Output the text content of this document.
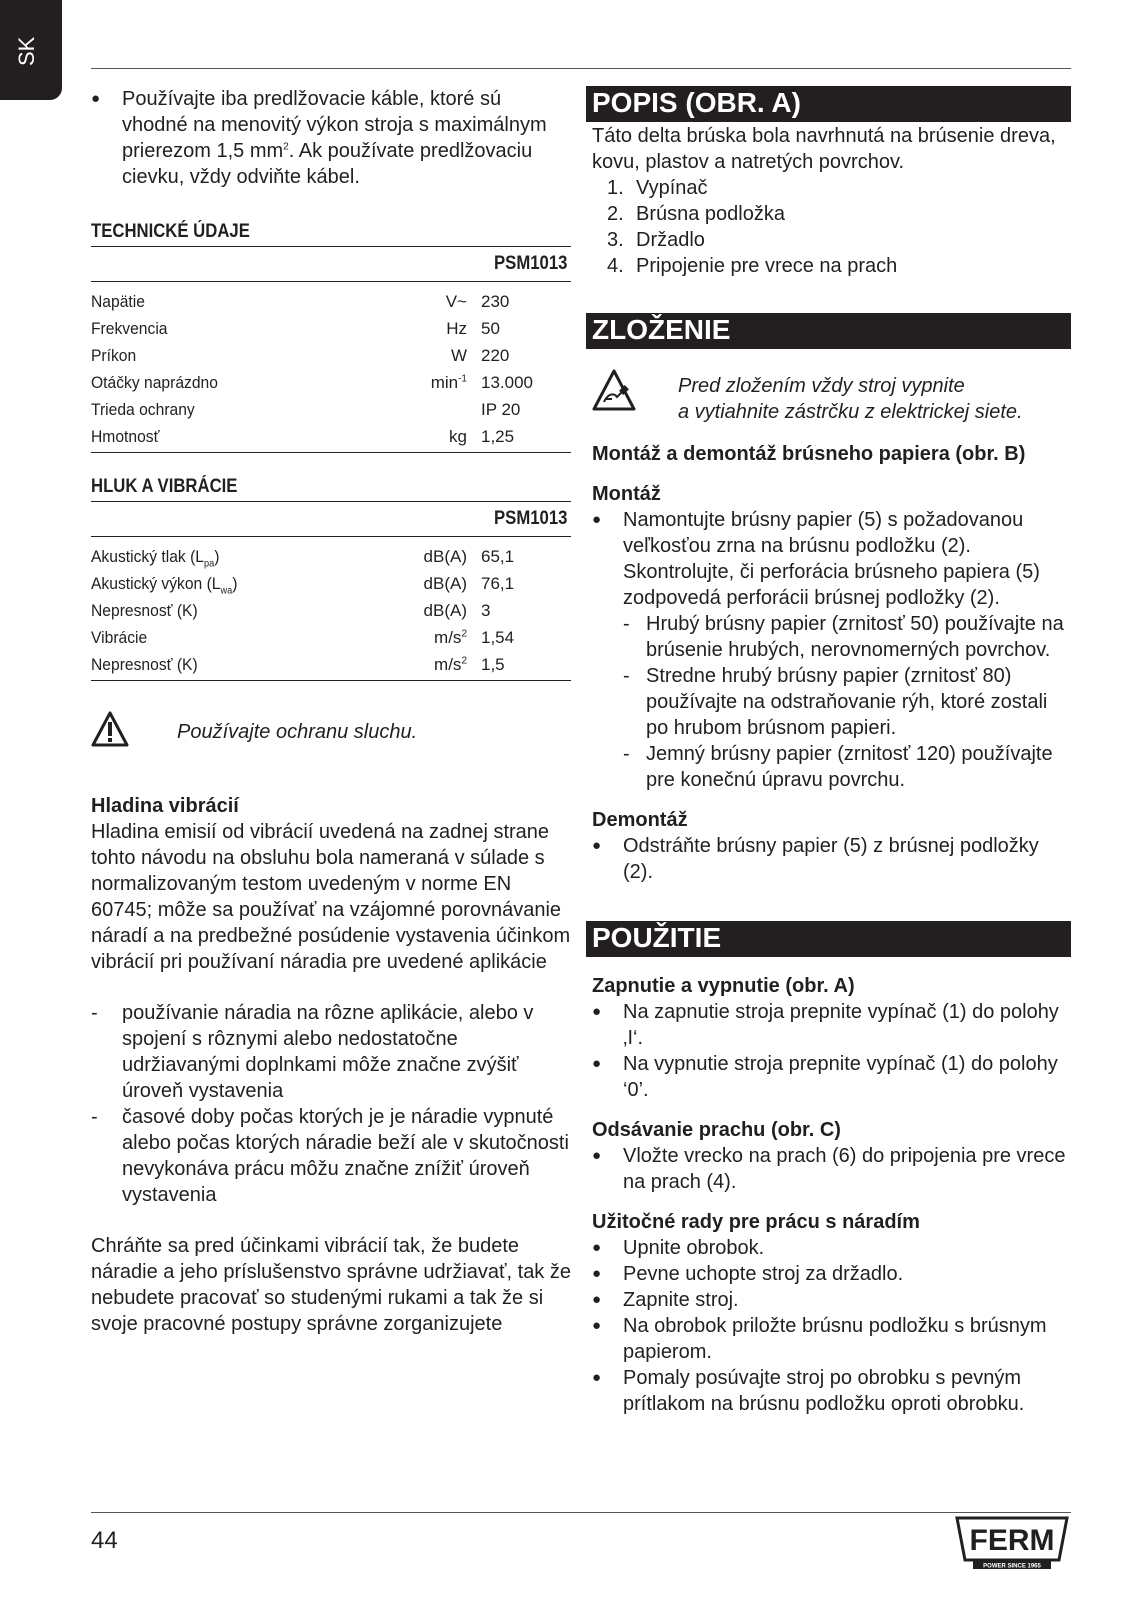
SK
● Používajte iba predlžovacie káble, ktoré sú vhodné na menovitý výkon stroja s maximálnym prierezom 1,5 $mm^2$. Ak používate predlžovaciu cievku, vždy odviňte kábel.
TECHNICKÉ ÚDAJE
PSM1013
Napätie	V~	230
Frekvencia	Hz	50
Príkon	W	220
Otáčky naprázdno	$\min^{-1}$	13.000
Trieda ochrany		IP 20
Hmotnosť	kg	1,25
HLUK A VIBRÁCIE
PSM1013
Akustický tlak $(L_{pa})$	dB(A)	65,1
Akustický výkon $(L_{wa})$	dB(A)	76,1
Nepresnosť (K)	dB(A)	3
Vibrácie	$m/s^2$	1,54
Nepresnosť (K)	$m/s^2$	1,5
Používajte ochranu sluchu.
Hladina vibrácií
Hladina emisií od vibrácií uvedená na zadnej strane tohto návodu na obsluhu bola nameraná v súlade s normalizovaným testom uvedeným v norme EN 60745; môže sa používať na vzájomné porovnávanie náradí a na predbežné posúdenie vystavenia účinkom vibrácií pri používaní náradia pre uvedené aplikácie
- používanie náradia na rôzne aplikácie, alebo v spojení s rôznymi alebo nedostatočne udržiavanými doplnkami môže značne zvýšiť úroveň vystavenia
- časové doby počas ktorých je je náradie vypnuté alebo počas ktorých náradie beží ale v skutočnosti nevykonáva prácu môžu značne znížiť úroveň vystavenia
Chráňte sa pred účinkami vibrácií tak, že budete náradie a jeho príslušenstvo správne udržiavať, tak že nebudete pracovať so studenými rukami a tak že si svoje pracovné postupy správne zorganizujete
POPIS (OBR. A)
Táto delta brúska bola navrhnutá na brúsenie dreva, kovu, plastov a natretých povrchov.
1. Vypínač
2. Brúsna podložka
3. Držadlo
4. Pripojenie pre vrece na prach
ZLOŽENIE
Pred zložením vždy stroj vypnite
a vytiahnite zástrčku z elektrickej siete.
Montáž a demontáž brúsneho papiera (obr. B)
Montáž
● Namontujte brúsny papier (5) s požadovanou veľkosťou zrna na brúsnu podložku (2). Skontrolujte, či perforácia brúsneho papiera (5) zodpovedá perforácii brúsnej podložky (2).
- Hrubý brúsny papier (zrnitosť 50) používajte na brúsenie hrubých, nerovnomerných povrchov.
- Stredne hrubý brúsny papier (zrnitosť 80) používajte na odstraňovanie rýh, ktoré zostali po hrubom brúsnom papieri.
- Jemný brúsny papier (zrnitosť 120) používajte pre konečnú úpravu povrchu.
Demontáž
● Odstráňte brúsny papier (5) z brúsnej podložky (2).
POUŽITIE
Zapnutie a vypnutie (obr. A)
● Na zapnutie stroja prepnite vypínač (1) do polohy ‚I‘.
● Na vypnutie stroja prepnite vypínač (1) do polohy ‘0’.
Odsávanie prachu (obr. C)
● Vložte vrecko na prach (6) do pripojenia pre vrece na prach (4).
Užitočné rady pre prácu s náradím
● Upnite obrobok.
● Pevne uchopte stroj za držadlo.
● Zapnite stroj.
● Na obrobok priložte brúsnu podložku s brúsnym papierom.
● Pomaly posúvajte stroj po obrobku s pevným prítlakom na brúsnu podložku oproti obrobku.
44	FERM
POWER SINCE 1965
